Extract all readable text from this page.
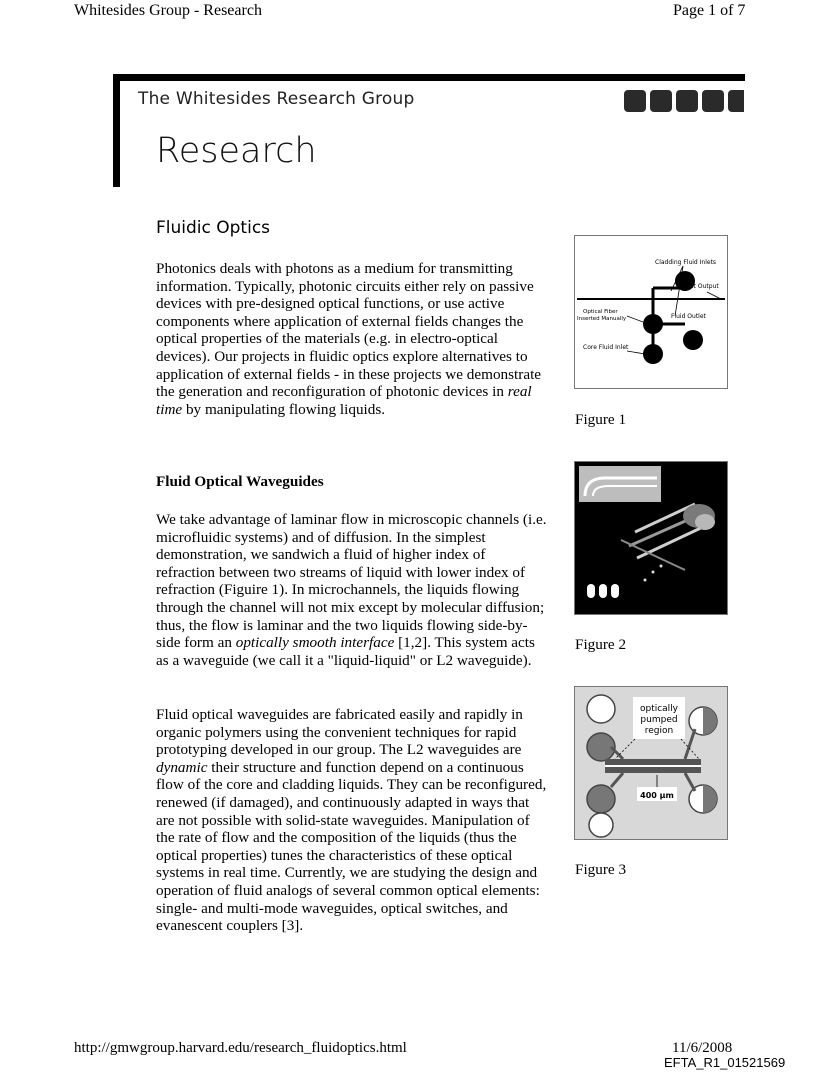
Whitesides Group - Research	Page 1 of 7
The Whitesides Research Group
Research
Fluidic Optics
Photonics deals with photons as a medium for transmitting information. Typically, photonic circuits either rely on passive devices with pre-designed optical functions, or use active components where application of external fields changes the optical properties of the materials (e.g. in electro-optical devices). Our projects in fluidic optics explore alternatives to application of external fields - in these projects we demonstrate the generation and reconfiguration of photonic devices in real time by manipulating flowing liquids.
Fluid Optical Waveguides
We take advantage of laminar flow in microscopic channels (i.e. microfluidic systems) and of diffusion. In the simplest demonstration, we sandwich a fluid of higher index of refraction between two streams of liquid with lower index of refraction (Figuire 1). In microchannels, the liquids flowing through the channel will not mix except by molecular diffusion; thus, the flow is laminar and the two liquids flowing side-by-side form an optically smooth interface [1,2]. This system acts as a waveguide (we call it a "liquid-liquid" or L2 waveguide).
Fluid optical waveguides are fabricated easily and rapidly in organic polymers using the convenient techniques for rapid prototyping developed in our group. The L2 waveguides are dynamic their structure and function depend on a continuous flow of the core and cladding liquids. They can be reconfigured, renewed (if damaged), and continuously adapted in ways that are not possible with solid-state waveguides. Manipulation of the rate of flow and the composition of the liquids (thus the optical properties) tunes the characteristics of these optical systems in real time. Currently, we are studying the design and operation of fluid analogs of several common optical elements: single- and multi-mode waveguides, optical switches, and evanescent couplers [3].
Cladding Fluid Inlets
Light Output
Optical Fiber
Inserted Manually	Fluid Outlet
Core Fluid Inlet
Figure 1
Figure 2
optically
pumped
region
400 μm
Figure 3
http://gmwgroup.harvard.edu/research_fluidoptics.html	11/6/2008
EFTA_R1_01521569
